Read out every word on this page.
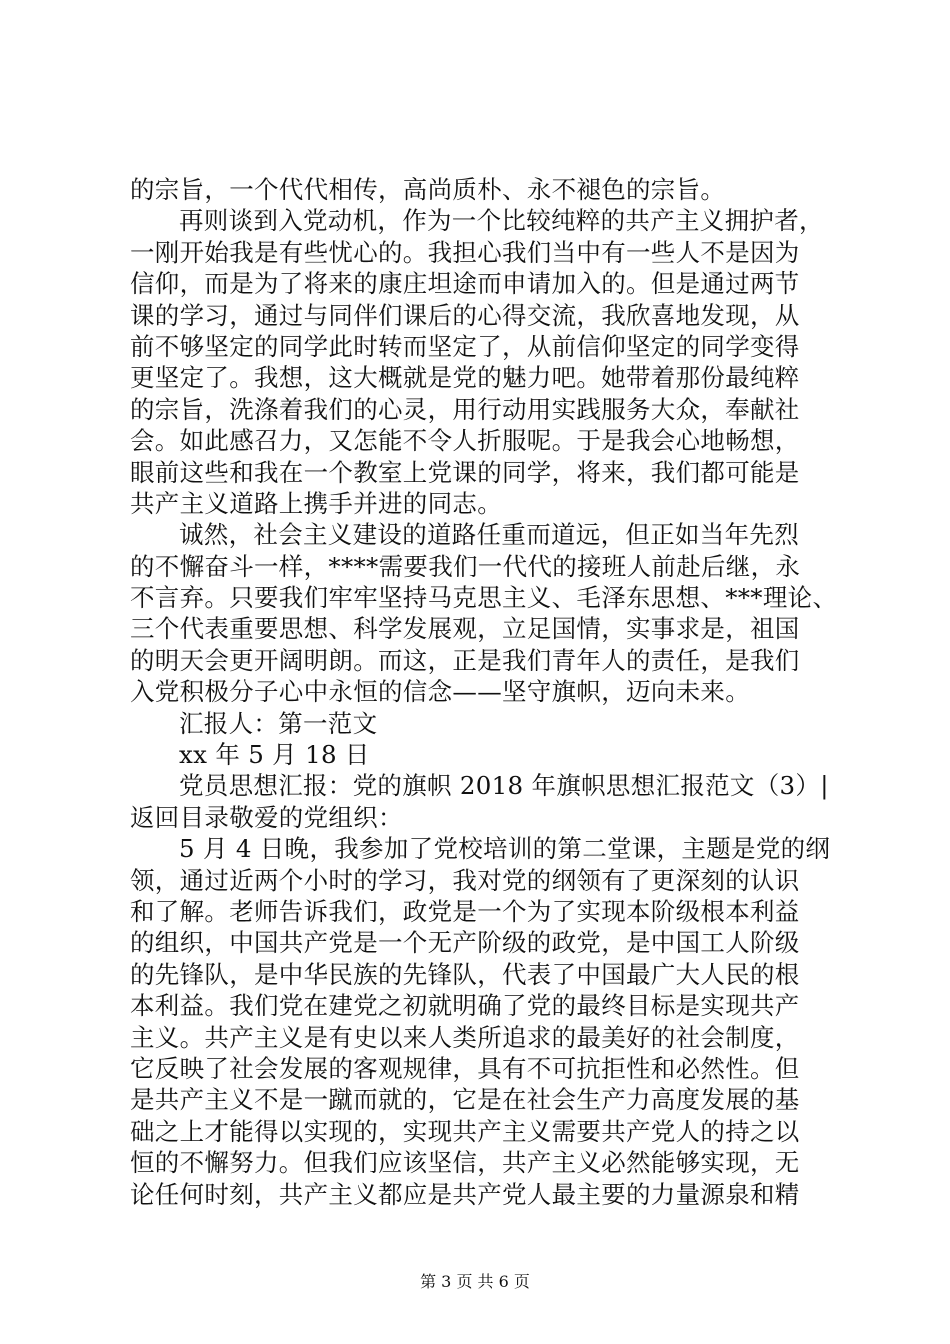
的宗旨，一个代代相传，高尚质朴、永不褪色的宗旨。
再则谈到入党动机，作为一个比较纯粹的共产主义拥护者，
一刚开始我是有些忧心的。我担心我们当中有一些人不是因为
信仰，而是为了将来的康庄坦途而申请加入的。但是通过两节
课的学习，通过与同伴们课后的心得交流，我欣喜地发现，从
前不够坚定的同学此时转而坚定了，从前信仰坚定的同学变得
更坚定了。我想，这大概就是党的魅力吧。她带着那份最纯粹
的宗旨，洗涤着我们的心灵，用行动用实践服务大众，奉献社
会。如此感召力，又怎能不令人折服呢。于是我会心地畅想，
眼前这些和我在一个教室上党课的同学，将来，我们都可能是
共产主义道路上携手并进的同志。
诚然，社会主义建设的道路任重而道远，但正如当年先烈
的不懈奋斗一样，****需要我们一代代的接班人前赴后继，永
不言弃。只要我们牢牢坚持马克思主义、毛泽东思想、***理论、
三个代表重要思想、科学发展观，立足国情，实事求是，祖国
的明天会更开阔明朗。而这，正是我们青年人的责任，是我们
入党积极分子心中永恒的信念——坚守旗帜，迈向未来。
汇报人：第一范文
xx 年 5 月 18 日
党员思想汇报：党的旗帜 2018 年旗帜思想汇报范文（3）|
返回目录敬爱的党组织：
5 月 4 日晚，我参加了党校培训的第二堂课，主题是党的纲
领，通过近两个小时的学习，我对党的纲领有了更深刻的认识
和了解。老师告诉我们，政党是一个为了实现本阶级根本利益
的组织，中国共产党是一个无产阶级的政党，是中国工人阶级
的先锋队，是中华民族的先锋队，代表了中国最广大人民的根
本利益。我们党在建党之初就明确了党的最终目标是实现共产
主义。共产主义是有史以来人类所追求的最美好的社会制度，
它反映了社会发展的客观规律，具有不可抗拒性和必然性。但
是共产主义不是一蹴而就的，它是在社会生产力高度发展的基
础之上才能得以实现的，实现共产主义需要共产党人的持之以
恒的不懈努力。但我们应该坚信，共产主义必然能够实现，无
论任何时刻，共产主义都应是共产党人最主要的力量源泉和精
第 3 页 共 6 页
